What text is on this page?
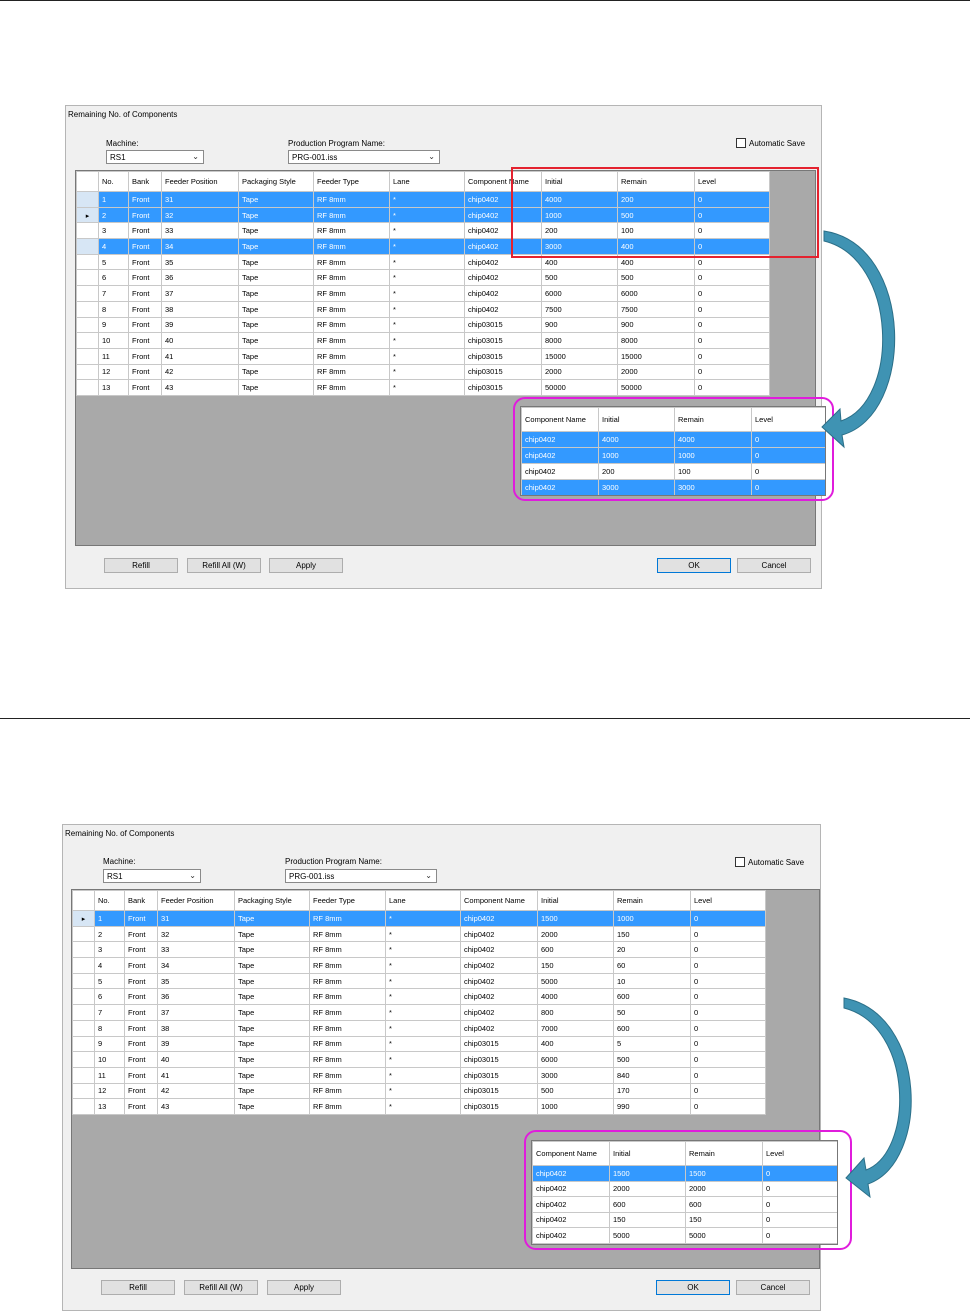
Remaining No. of Components
Machine:
RS1	⌄
Production Program Name:
PRG-001.iss	⌄
Automatic Save
	No.	Bank	Feeder Position	Packaging Style	Feeder Type	Lane	Component Name	Initial	Remain	Level
	1	Front	31	Tape	RF 8mm	*	chip0402	4000	200	0
▸	2	Front	32	Tape	RF 8mm	*	chip0402	1000	500	0
	3	Front	33	Tape	RF 8mm	*	chip0402	200	100	0
	4	Front	34	Tape	RF 8mm	*	chip0402	3000	400	0
	5	Front	35	Tape	RF 8mm	*	chip0402	400	400	0
	6	Front	36	Tape	RF 8mm	*	chip0402	500	500	0
	7	Front	37	Tape	RF 8mm	*	chip0402	6000	6000	0
	8	Front	38	Tape	RF 8mm	*	chip0402	7500	7500	0
	9	Front	39	Tape	RF 8mm	*	chip03015	900	900	0
	10	Front	40	Tape	RF 8mm	*	chip03015	8000	8000	0
	11	Front	41	Tape	RF 8mm	*	chip03015	15000	15000	0
	12	Front	42	Tape	RF 8mm	*	chip03015	2000	2000	0
	13	Front	43	Tape	RF 8mm	*	chip03015	50000	50000	0
Refill	Refill All (W)	Apply	OK	Cancel
Component Name	Initial	Remain	Level
chip0402	4000	4000	0
chip0402	1000	1000	0
chip0402	200	100	0
chip0402	3000	3000	0
Remaining No. of Components
Machine:
RS1	⌄
Production Program Name:
PRG-001.iss	⌄
Automatic Save
	No.	Bank	Feeder Position	Packaging Style	Feeder Type	Lane	Component Name	Initial	Remain	Level
▸	1	Front	31	Tape	RF 8mm	*	chip0402	1500	1000	0
	2	Front	32	Tape	RF 8mm	*	chip0402	2000	150	0
	3	Front	33	Tape	RF 8mm	*	chip0402	600	20	0
	4	Front	34	Tape	RF 8mm	*	chip0402	150	60	0
	5	Front	35	Tape	RF 8mm	*	chip0402	5000	10	0
	6	Front	36	Tape	RF 8mm	*	chip0402	4000	600	0
	7	Front	37	Tape	RF 8mm	*	chip0402	800	50	0
	8	Front	38	Tape	RF 8mm	*	chip0402	7000	600	0
	9	Front	39	Tape	RF 8mm	*	chip03015	400	5	0
	10	Front	40	Tape	RF 8mm	*	chip03015	6000	500	0
	11	Front	41	Tape	RF 8mm	*	chip03015	3000	840	0
	12	Front	42	Tape	RF 8mm	*	chip03015	500	170	0
	13	Front	43	Tape	RF 8mm	*	chip03015	1000	990	0
Refill	Refill All (W)	Apply	OK	Cancel
Component Name	Initial	Remain	Level
chip0402	1500	1500	0
chip0402	2000	2000	0
chip0402	600	600	0
chip0402	150	150	0
chip0402	5000	5000	0
